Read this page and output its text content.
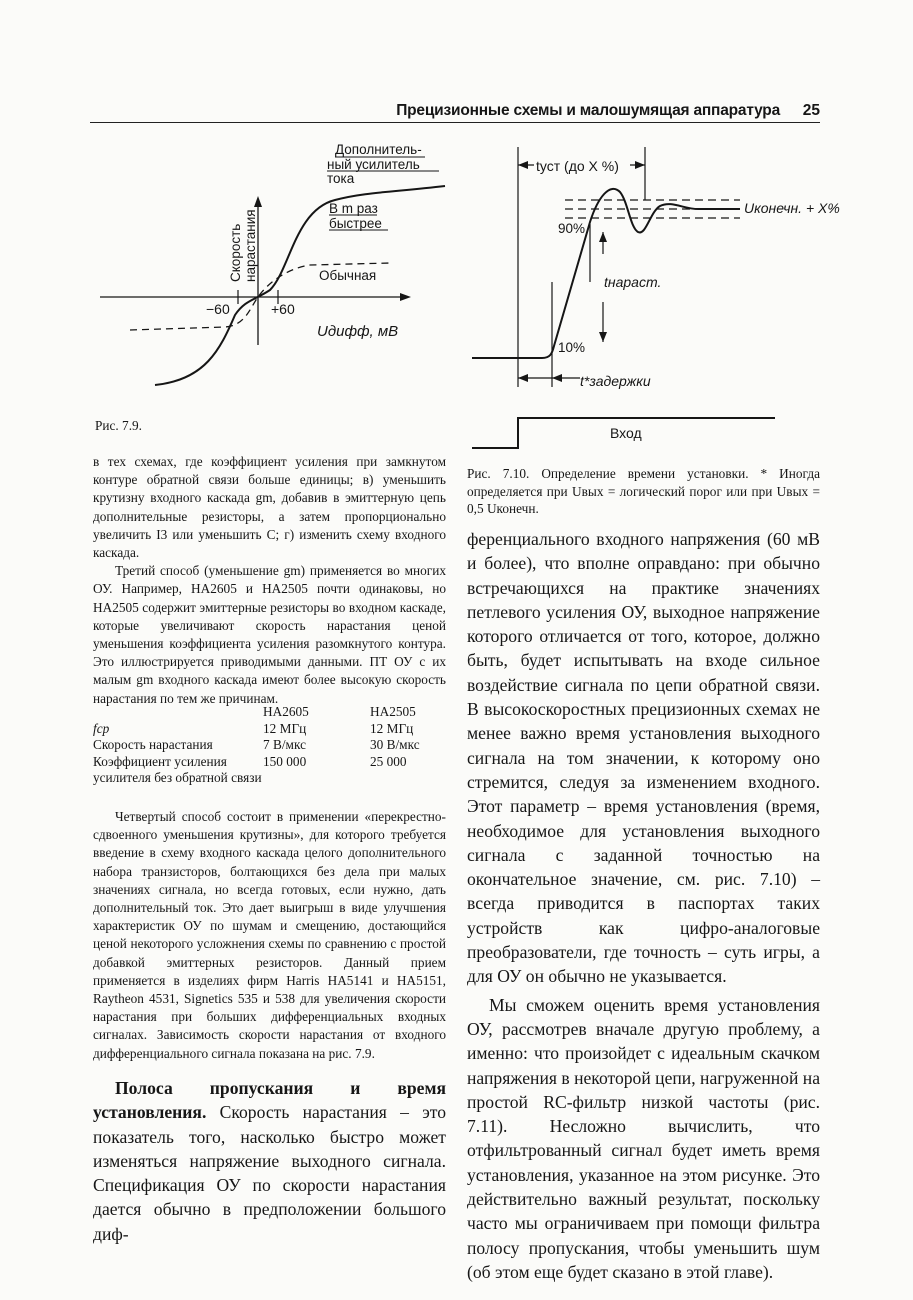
Прецизионные схемы и малошумящая аппаратура 25
Дополнитель-
ный усилитель
тока
В m раз
быстрее
Обычная
Скорость нарастания
−60	+60
Uдифф, мВ
Рис. 7.9.
tуст (до X %)
Uконечн. + X%
90%
10%
tнараст.
t*задержки
Вход
Рис. 7.10. Определение времени установки. * Иногда определяется при Uвых = логический порог или при Uвых = 0,5 Uконечн.

в тех схемах, где коэффициент усиления при замкнутом контуре обратной связи больше единицы; в) уменьшить крутизну входного каскада gm, добавив в эмиттерную цепь дополнительные резисторы, а затем пропорционально увеличить I3 или уменьшить C; г) изменить схему входного каскада.

Третий способ (уменьшение gm) применяется во многих ОУ. Например, НА2605 и НА2505 почти одинаковы, но НА2505 содержит эмиттерные резисторы во входном каскаде, которые увеличивают скорость нарастания ценой уменьшения коэффициента усиления разомкнутого контура. Это иллюстрируется приводимыми данными. ПТ ОУ с их малым gm входного каскада имеют более высокую скорость нарастания по тем же причинам.

	НА2605	НА2505
fср	12 МГц	12 МГц
Скорость нарастания	7 В/мкс	30 В/мкс
Коэффициент усиления усилителя без обратной связи	150 000	25 000

Четвертый способ состоит в применении «перекрестно-сдвоенного уменьшения крутизны», для которого требуется введение в схему входного каскада целого дополнительного набора транзисторов, болтающихся без дела при малых значениях сигнала, но всегда готовых, если нужно, дать дополнительный ток. Это дает выигрыш в виде улучшения характеристик ОУ по шумам и смещению, достающийся ценой некоторого усложнения схемы по сравнению с простой добавкой эмиттерных резисторов. Данный прием применяется в изделиях фирм Harris НА5141 и НА5151, Raytheon 4531, Signetics 535 и 538 для увеличения скорости нарастания при больших дифференциальных входных сигналах. Зависимость скорости нарастания от входного дифференциального сигнала показана на рис. 7.9.

Полоса пропускания и время установления. Скорость нарастания – это показатель того, насколько быстро может изменяться напряжение выходного сигнала. Спецификация ОУ по скорости нарастания дается обычно в предположении большого диф-

ференциального входного напряжения (60 мВ и более), что вполне оправдано: при обычно встречающихся на практике значениях петлевого усиления ОУ, выходное напряжение которого отличается от того, которое, должно быть, будет испытывать на входе сильное воздействие сигнала по цепи обратной связи. В высокоскоростных прецизионных схемах не менее важно время установления выходного сигнала на том значении, к которому оно стремится, следуя за изменением входного. Этот параметр – время установления (время, необходимое для установления выходного сигнала с заданной точностью на окончательное значение, см. рис. 7.10) – всегда приводится в паспортах таких устройств как цифро-аналоговые преобразователи, где точность – суть игры, а для ОУ он обычно не указывается.

Мы сможем оценить время установления ОУ, рассмотрев вначале другую проблему, а именно: что произойдет с идеальным скачком напряжения в некоторой цепи, нагруженной на простой RC-фильтр низкой частоты (рис. 7.11). Несложно вычислить, что отфильтрованный сигнал будет иметь время установления, указанное на этом рисунке. Это действительно важный результат, поскольку часто мы ограничиваем при помощи фильтра полосу пропускания, чтобы уменьшить шум (об этом еще будет сказано в этой главе).
